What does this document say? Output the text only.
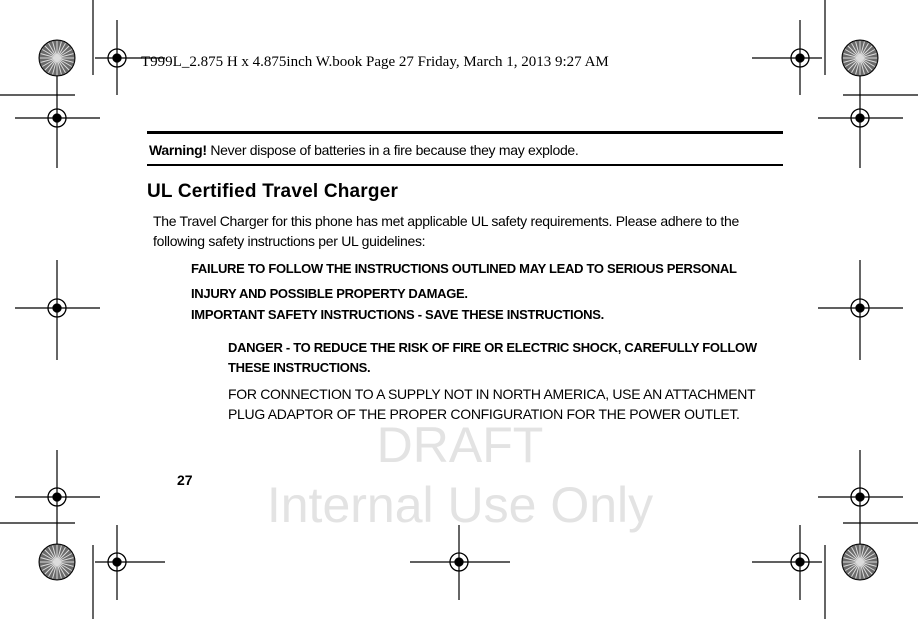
T999L_2.875 H x 4.875inch W.book Page 27 Friday, March 1, 2013 9:27 AM
DRAFT
Internal Use Only
Warning! Never dispose of batteries in a fire because they may explode.
UL Certified Travel Charger
The Travel Charger for this phone has met applicable UL safety requirements. Please adhere to the following safety instructions per UL guidelines:
FAILURE TO FOLLOW THE INSTRUCTIONS OUTLINED MAY LEAD TO SERIOUS PERSONAL INJURY AND POSSIBLE PROPERTY DAMAGE.
IMPORTANT SAFETY INSTRUCTIONS - SAVE THESE INSTRUCTIONS.
DANGER - TO REDUCE THE RISK OF FIRE OR ELECTRIC SHOCK, CAREFULLY FOLLOW THESE INSTRUCTIONS.
FOR CONNECTION TO A SUPPLY NOT IN NORTH AMERICA, USE AN ATTACHMENT PLUG ADAPTOR OF THE PROPER CONFIGURATION FOR THE POWER OUTLET.
27
